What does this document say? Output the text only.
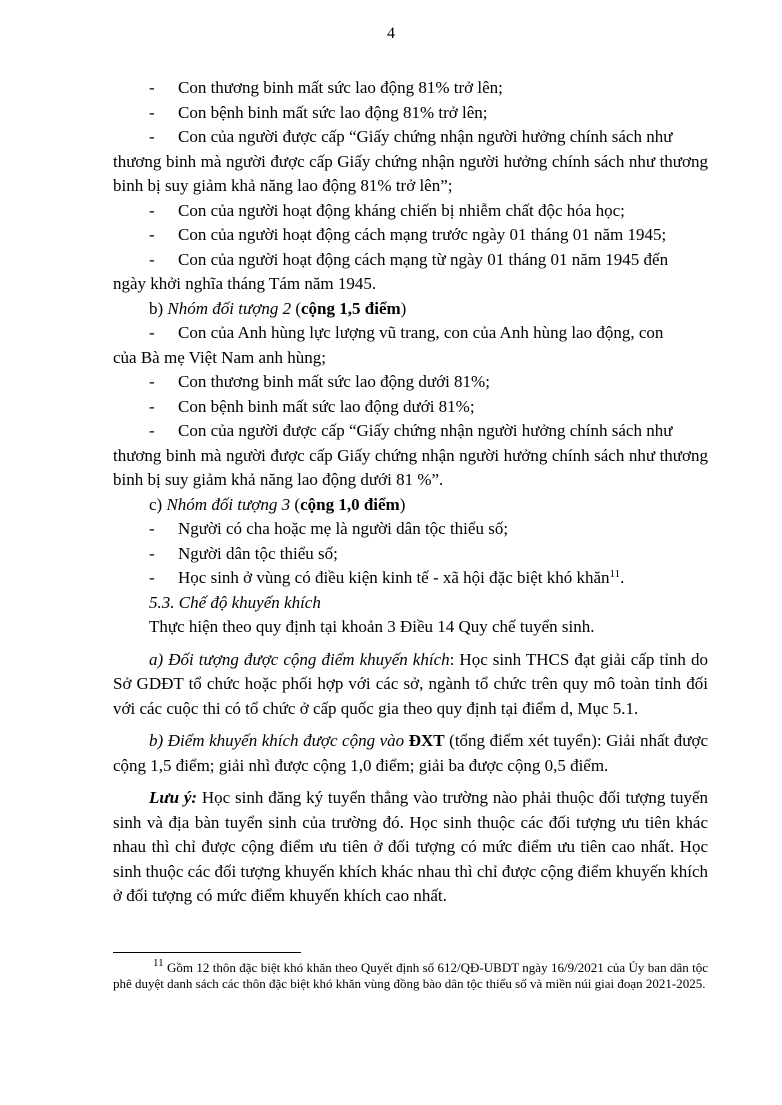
4

- Con thương binh mất sức lao động 81% trở lên;

- Con bệnh binh mất sức lao động 81% trở lên;

- Con của người được cấp “Giấy chứng nhận người hưởng chính sách như

thương binh mà người được cấp Giấy chứng nhận người hưởng chính sách như thương binh bị suy giảm khả năng lao động 81% trở lên”;

- Con của người hoạt động kháng chiến bị nhiễm chất độc hóa học;

- Con của người hoạt động cách mạng trước ngày 01 tháng 01 năm 1945;

- Con của người hoạt động cách mạng từ ngày 01 tháng 01 năm 1945 đến

ngày khởi nghĩa tháng Tám năm 1945.

b) Nhóm đối tượng 2 (cộng 1,5 điểm)

- Con của Anh hùng lực lượng vũ trang, con của Anh hùng lao động, con

của Bà mẹ Việt Nam anh hùng;

- Con thương binh mất sức lao động dưới 81%;

- Con bệnh binh mất sức lao động dưới 81%;

- Con của người được cấp “Giấy chứng nhận người hưởng chính sách như

thương binh mà người được cấp Giấy chứng nhận người hưởng chính sách như thương binh bị suy giảm khả năng lao động dưới 81 %”.

c) Nhóm đối tượng 3 (cộng 1,0 điểm)

- Người có cha hoặc mẹ là người dân tộc thiểu số;

- Người dân tộc thiểu số;

- Học sinh ở vùng có điều kiện kinh tế - xã hội đặc biệt khó khăn$^{11}$.

5.3. Chế độ khuyến khích

Thực hiện theo quy định tại khoản 3 Điều 14 Quy chế tuyển sinh.

a) Đối tượng được cộng điểm khuyến khích: Học sinh THCS đạt giải cấp tỉnh do Sở GDĐT tổ chức hoặc phối hợp với các sở, ngành tổ chức trên quy mô toàn tỉnh đối với các cuộc thi có tổ chức ở cấp quốc gia theo quy định tại điểm d, Mục 5.1.

b) Điểm khuyến khích được cộng vào ĐXT (tổng điểm xét tuyển): Giải nhất được cộng 1,5 điểm; giải nhì được cộng 1,0 điểm; giải ba được cộng 0,5 điểm.

Lưu ý: Học sinh đăng ký tuyển thẳng vào trường nào phải thuộc đối tượng tuyển sinh và địa bàn tuyển sinh của trường đó. Học sinh thuộc các đối tượng ưu tiên khác nhau thì chỉ được cộng điểm ưu tiên ở đối tượng có mức điểm ưu tiên cao nhất. Học sinh thuộc các đối tượng khuyến khích khác nhau thì chỉ được cộng điểm khuyến khích ở đối tượng có mức điểm khuyến khích cao nhất.

$^{11}$ Gồm 12 thôn đặc biệt khó khăn theo Quyết định số 612/QĐ-UBDT ngày 16/9/2021 của Ủy ban dân tộc phê duyệt danh sách các thôn đặc biệt khó khăn vùng đồng bào dân tộc thiểu số và miền núi giai đoạn 2021-2025.
